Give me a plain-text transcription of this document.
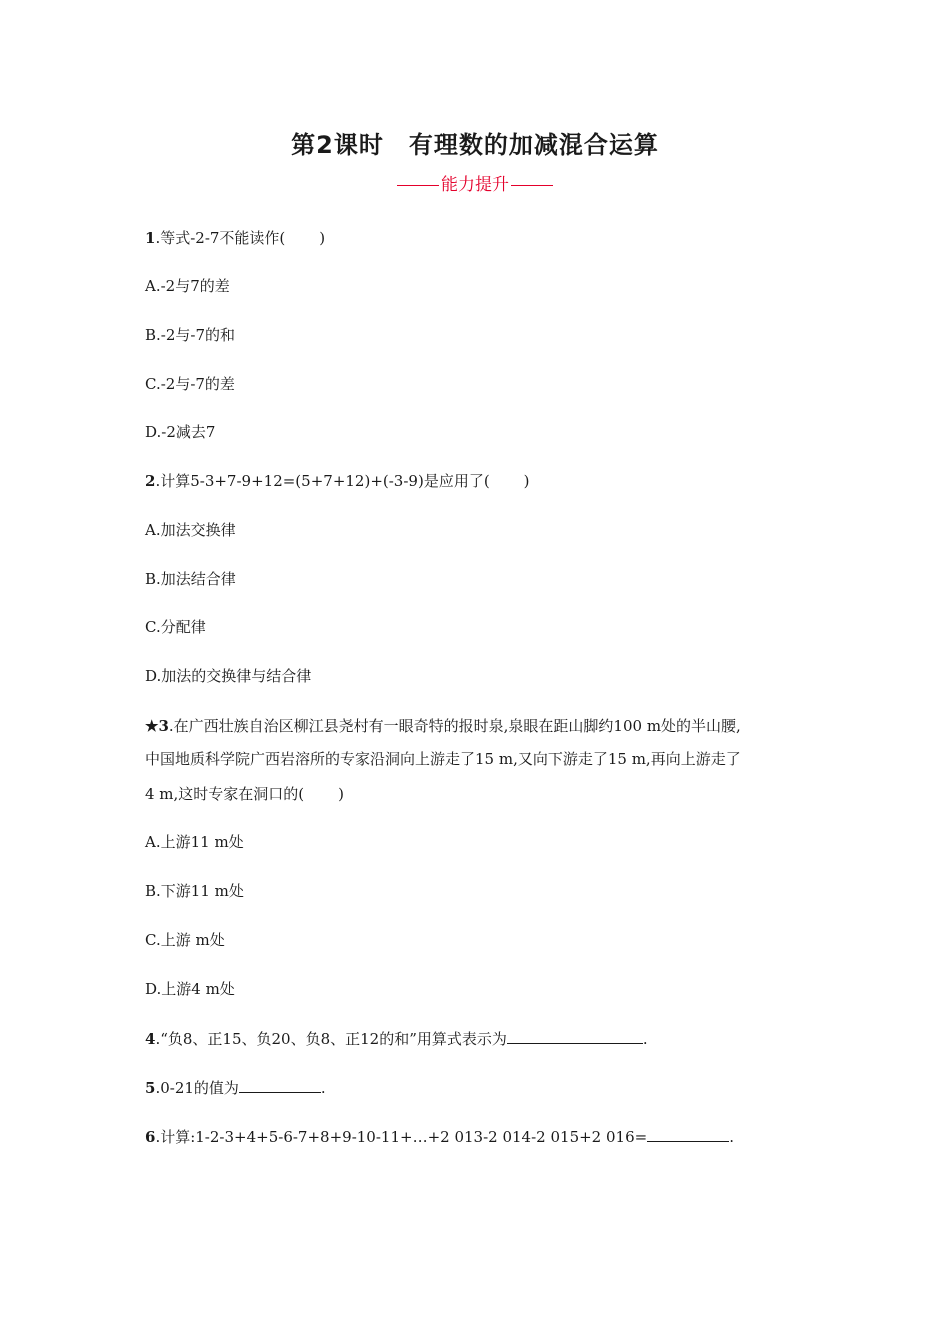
第2课时　有理数的加减混合运算
能力提升
1.等式-2-7不能读作( )
A.-2与7的差
B.-2与-7的和
C.-2与-7的差
D.-2减去7
2.计算5-3+7-9+12=(5+7+12)+(-3-9)是应用了( )
A.加法交换律
B.加法结合律
C.分配律
D.加法的交换律与结合律
★3.在广西壮族自治区柳江县尧村有一眼奇特的报时泉,泉眼在距山脚约100 m处的半山腰,
中国地质科学院广西岩溶所的专家沿洞向上游走了15 m,又向下游走了15 m,再向上游走了
4 m,这时专家在洞口的( )
A.上游11 m处
B.下游11 m处
C.上游 m处
D.上游4 m处
4.“负8、正15、负20、负8、正12的和”用算式表示为	.
5.0-21的值为	.
6.计算:1-2-3+4+5-6-7+8+9-10-11+…+2 013-2 014-2 015+2 016=	.
